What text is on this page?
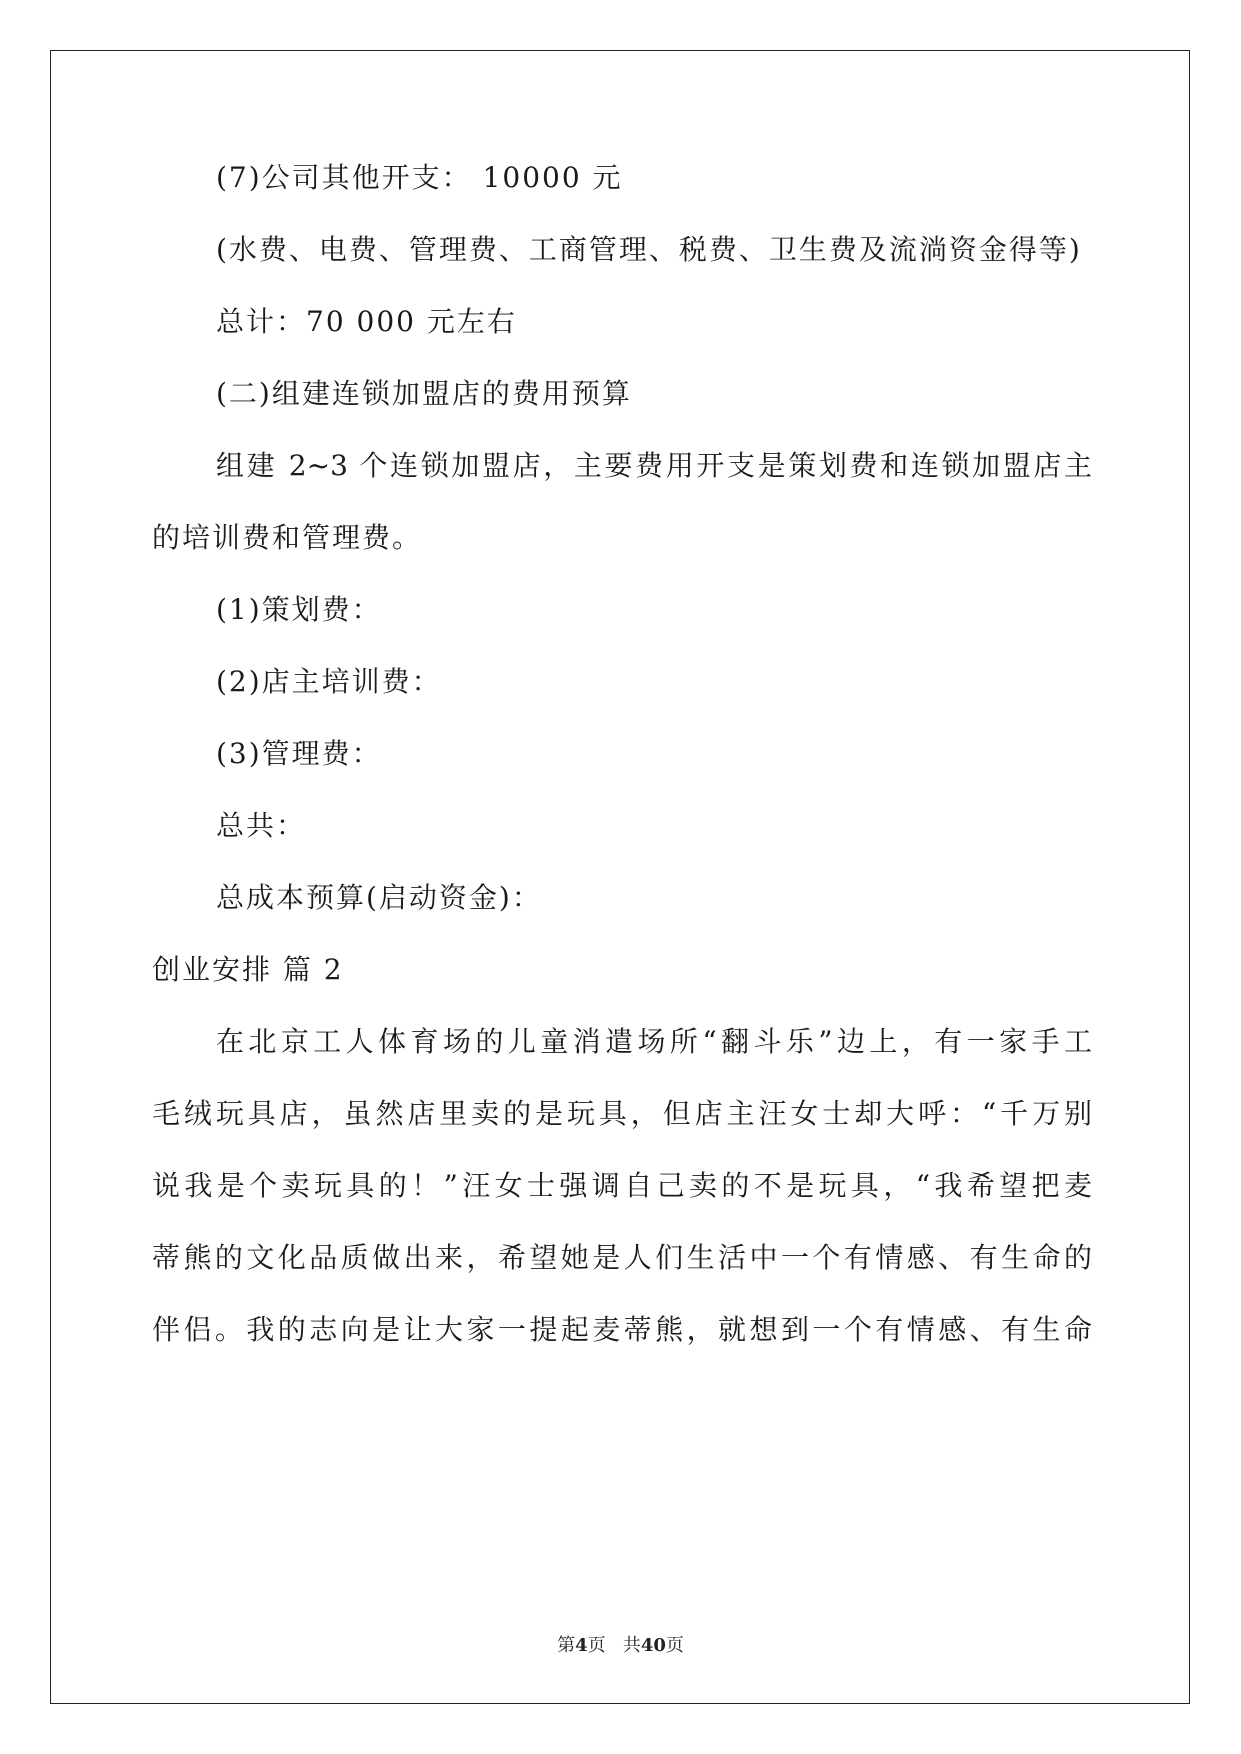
(7)公司其他开支： 10000 元
(水费、电费、管理费、工商管理、税费、卫生费及流淌资金得等)
总计：70 000 元左右
(二)组建连锁加盟店的费用预算
组建 2~3 个连锁加盟店，主要费用开支是策划费和连锁加盟店主
的培训费和管理费。
(1)策划费：
(2)店主培训费：
(3)管理费：
总共：
总成本预算(启动资金)：
创业安排 篇 2
在北京工人体育场的儿童消遣场所“翻斗乐”边上，有一家手工
毛绒玩具店，虽然店里卖的是玩具，但店主汪女士却大呼：“千万别
说我是个卖玩具的！”汪女士强调自己卖的不是玩具，“我希望把麦
蒂熊的文化品质做出来，希望她是人们生活中一个有情感、有生命的
伴侣。我的志向是让大家一提起麦蒂熊，就想到一个有情感、有生命
第4页 共40页
